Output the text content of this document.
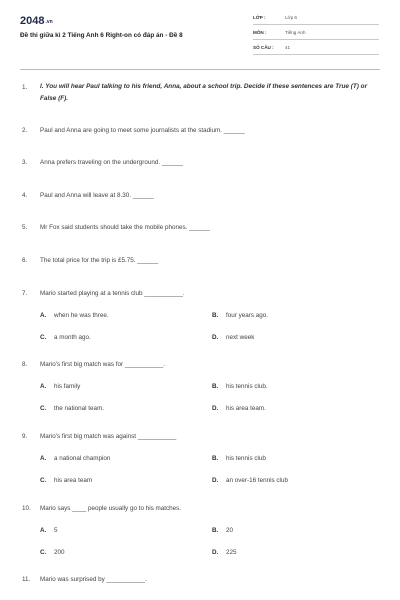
2048.vn
Đề thi giữa kì 2 Tiếng Anh 6 Right-on có đáp án - Đề 8
LỚP :	Lớp 6
MÔN :	Tiếng Anh
SỐ CÂU : 41
1. I. You will hear Paul talking to his friend, Anna, about a school trip. Decide if these sentences are True (T) or False (F).
2. Paul and Anna are going to meet some journalists at the stadium. ______
3. Anna prefers traveling on the underground. ______
4. Paul and Anna will leave at 8.30. ______
5. Mr Fox said students should take the mobile phones. ______
6. The total price for the trip is £5.75. ______
7. Mario started playing at a tennis club ___________.
A. when he was three.	B. four years ago.
C. a month ago.	D. next week
8. Mario's first big match was for ___________.
A. his family	B. his tennis club.
C. the national team.	D. his area team.
9. Mario's first big match was against ___________
A. a national champion	B. his tennis club
C. his area team	D. an over-16 tennis club
10. Mario says ____ people usually go to his matches.
A. 5	B. 20
C. 200	D. 225
11. Mario was surprised by ___________.
